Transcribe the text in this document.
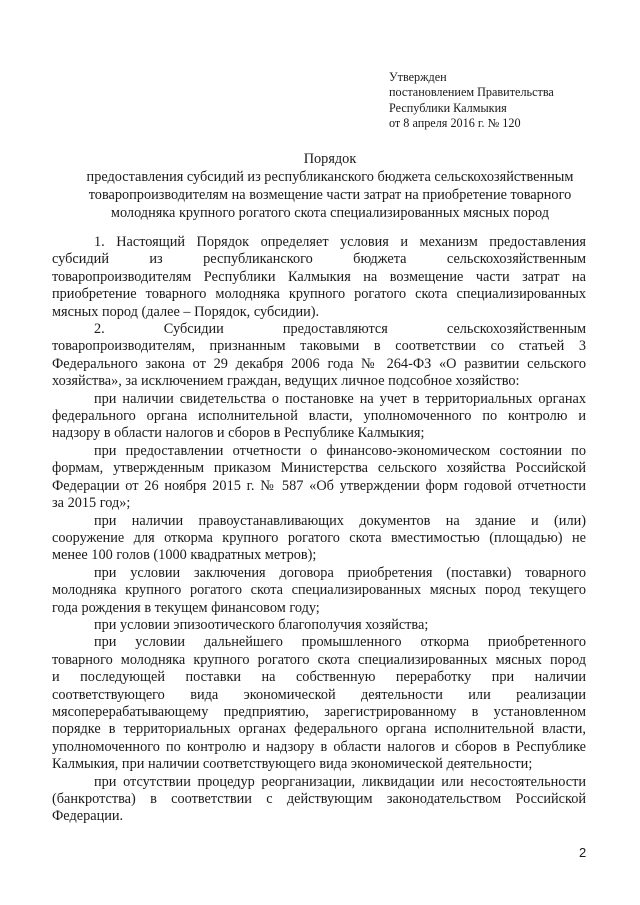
Утвержден
постановлением Правительства
Республики Калмыкия
от 8 апреля 2016 г. № 120
Порядок
предоставления субсидий из республиканского бюджета сельскохозяйственным
товаропроизводителям на возмещение части затрат на приобретение товарного
молодняка крупного рогатого скота специализированных мясных пород

1. Настоящий Порядок определяет условия и механизм предоставления
субсидий из республиканского бюджета сельскохозяйственным
товаропроизводителям Республики Калмыкия на возмещение части затрат на
приобретение товарного молодняка крупного рогатого скота специализированных
мясных пород (далее – Порядок, субсидии).

2. Субсидии предоставляются сельскохозяйственным
товаропроизводителям, признанным таковыми в соответствии со статьей 3
Федерального закона от 29 декабря 2006 года № 264-ФЗ «О развитии сельского
хозяйства», за исключением граждан, ведущих личное подсобное хозяйство:

при наличии свидетельства о постановке на учет в территориальных органах
федерального органа исполнительной власти, уполномоченного по контролю и
надзору в области налогов и сборов в Республике Калмыкия;

при предоставлении отчетности о финансово-экономическом состоянии по
формам, утвержденным приказом Министерства сельского хозяйства Российской
Федерации от 26 ноября 2015 г. № 587 «Об утверждении форм годовой отчетности
за 2015 год»;

при наличии правоустанавливающих документов на здание и (или)
сооружение для откорма крупного рогатого скота вместимостью (площадью) не
менее 100 голов (1000 квадратных метров);

при условии заключения договора приобретения (поставки) товарного
молодняка крупного рогатого скота специализированных мясных пород текущего
года рождения в текущем финансовом году;

при условии эпизоотического благополучия хозяйства;

при условии дальнейшего промышленного откорма приобретенного
товарного молодняка крупного рогатого скота специализированных мясных пород
и последующей поставки на собственную переработку при наличии
соответствующего вида экономической деятельности или реализации
мясоперерабатывающему предприятию, зарегистрированному в установленном
порядке в территориальных органах федерального органа исполнительной власти,
уполномоченного по контролю и надзору в области налогов и сборов в Республике
Калмыкия, при наличии соответствующего вида экономической деятельности;

при отсутствии процедур реорганизации, ликвидации или несостоятельности
(банкротства) в соответствии с действующим законодательством Российской
Федерации.

2
